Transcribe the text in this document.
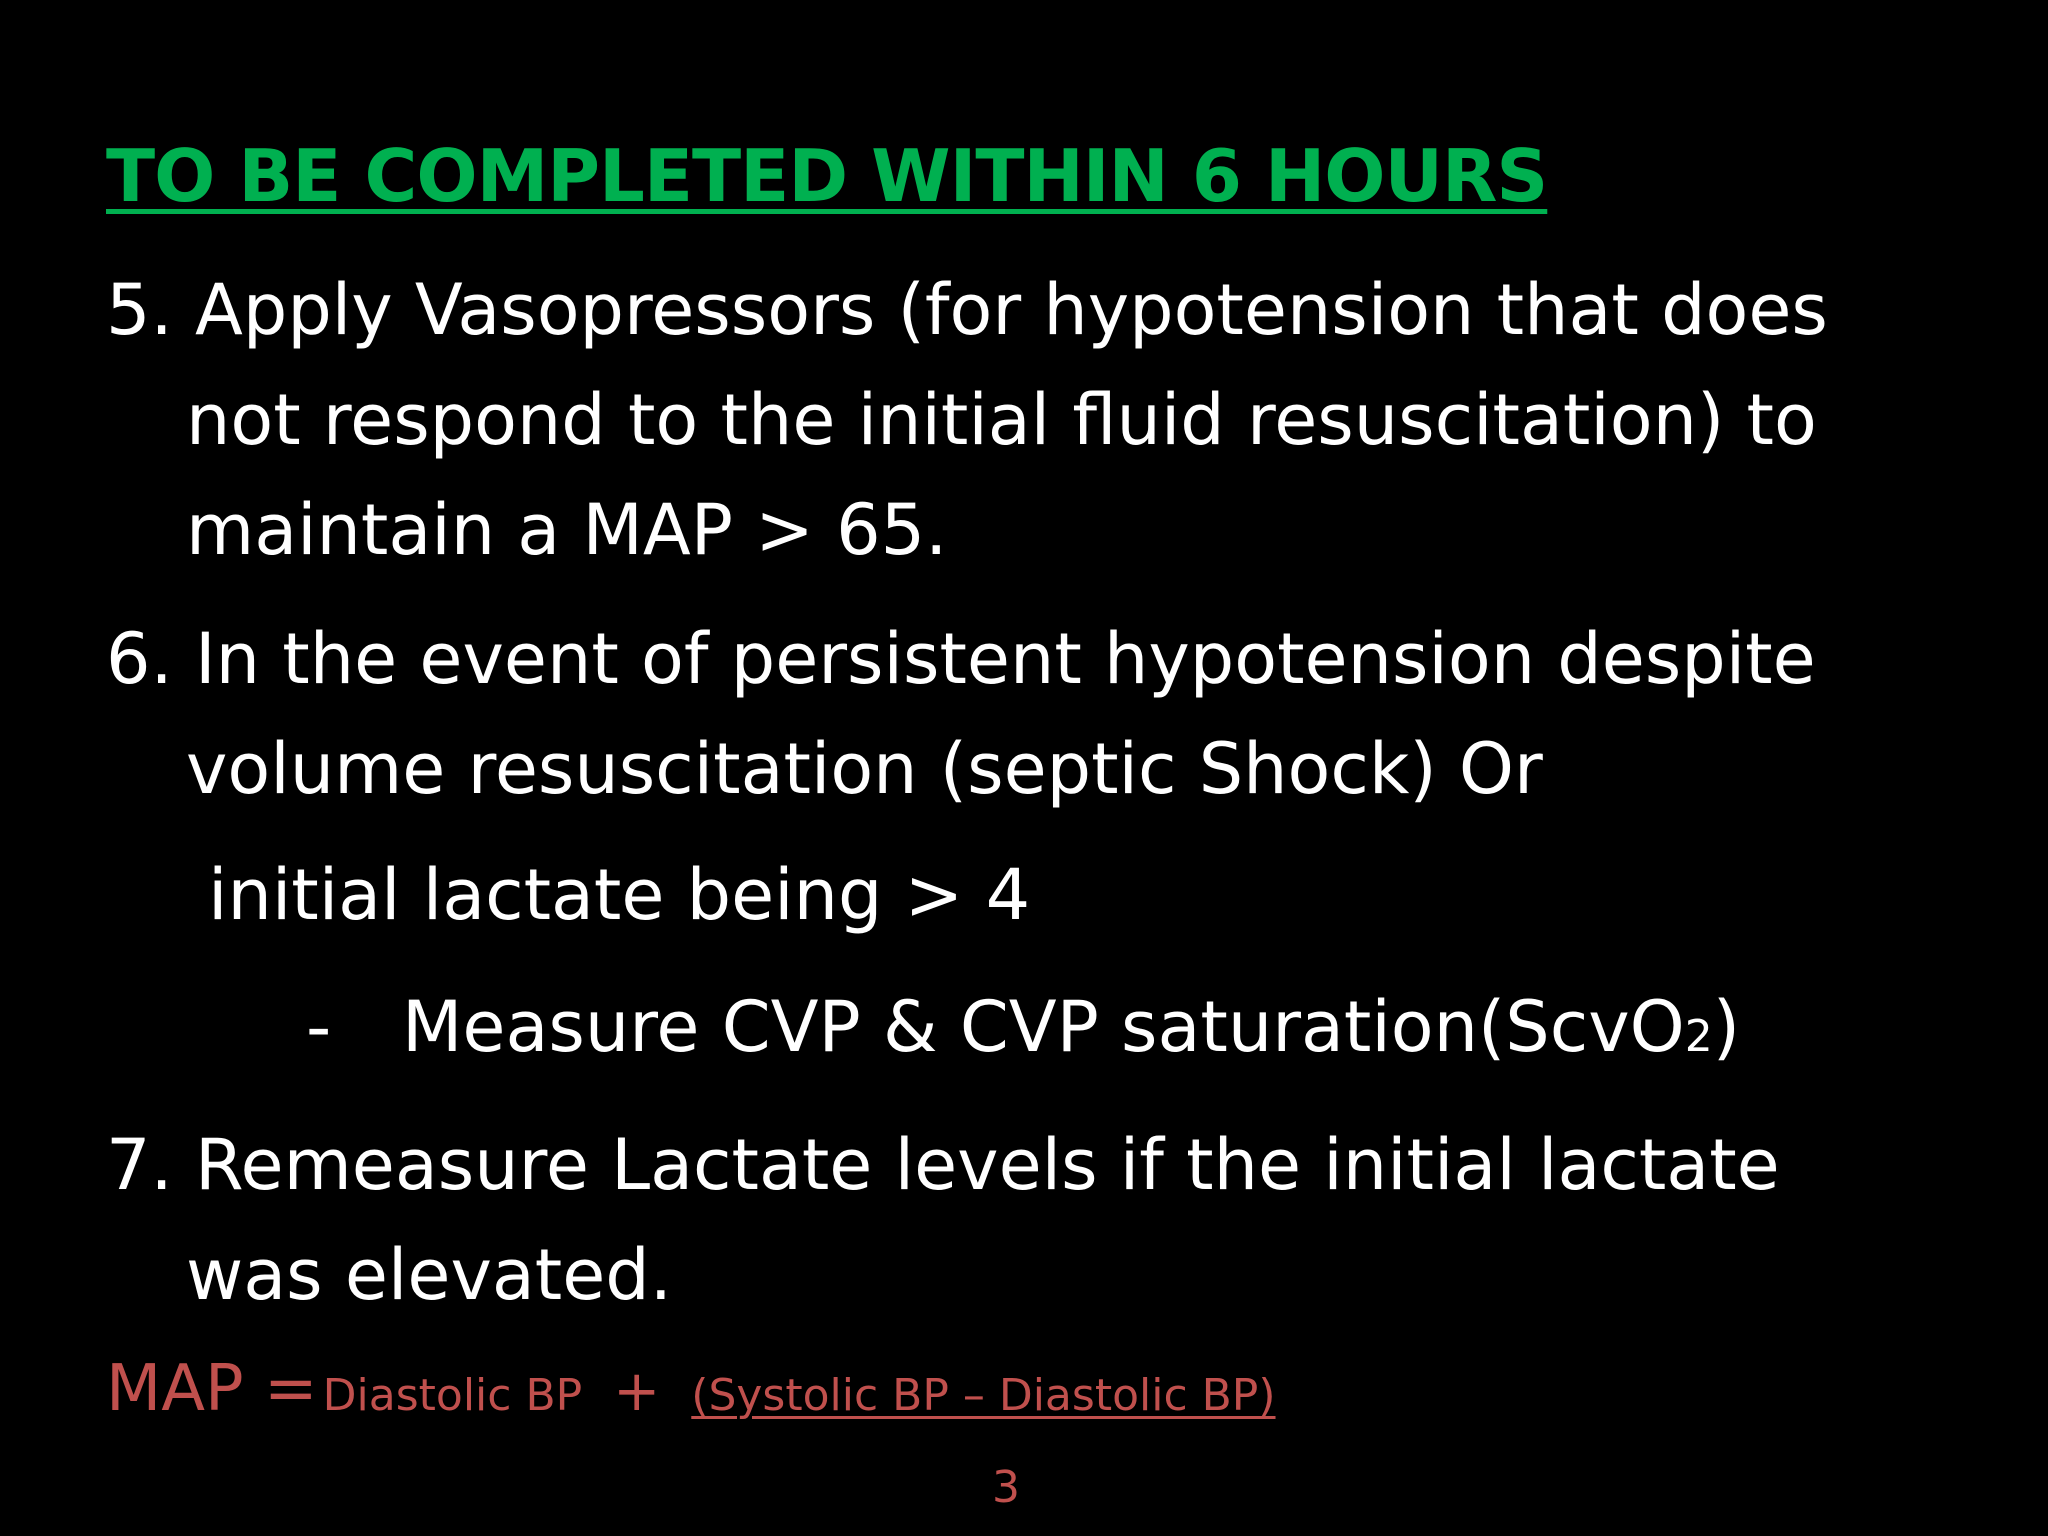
TO BE COMPLETED WITHIN 6 HOURS
5. Apply Vasopressors (for hypotension that does
not respond to the initial fluid resuscitation) to
maintain a MAP > 65.
6. In the event of persistent hypotension despite
volume resuscitation (septic Shock) Or
initial lactate being > 4
- Measure CVP & CVP saturation(ScvO2)
7. Remeasure Lactate levels if the initial lactate
was elevated.
MAP = Diastolic BP + (Systolic BP – Diastolic BP)
3
